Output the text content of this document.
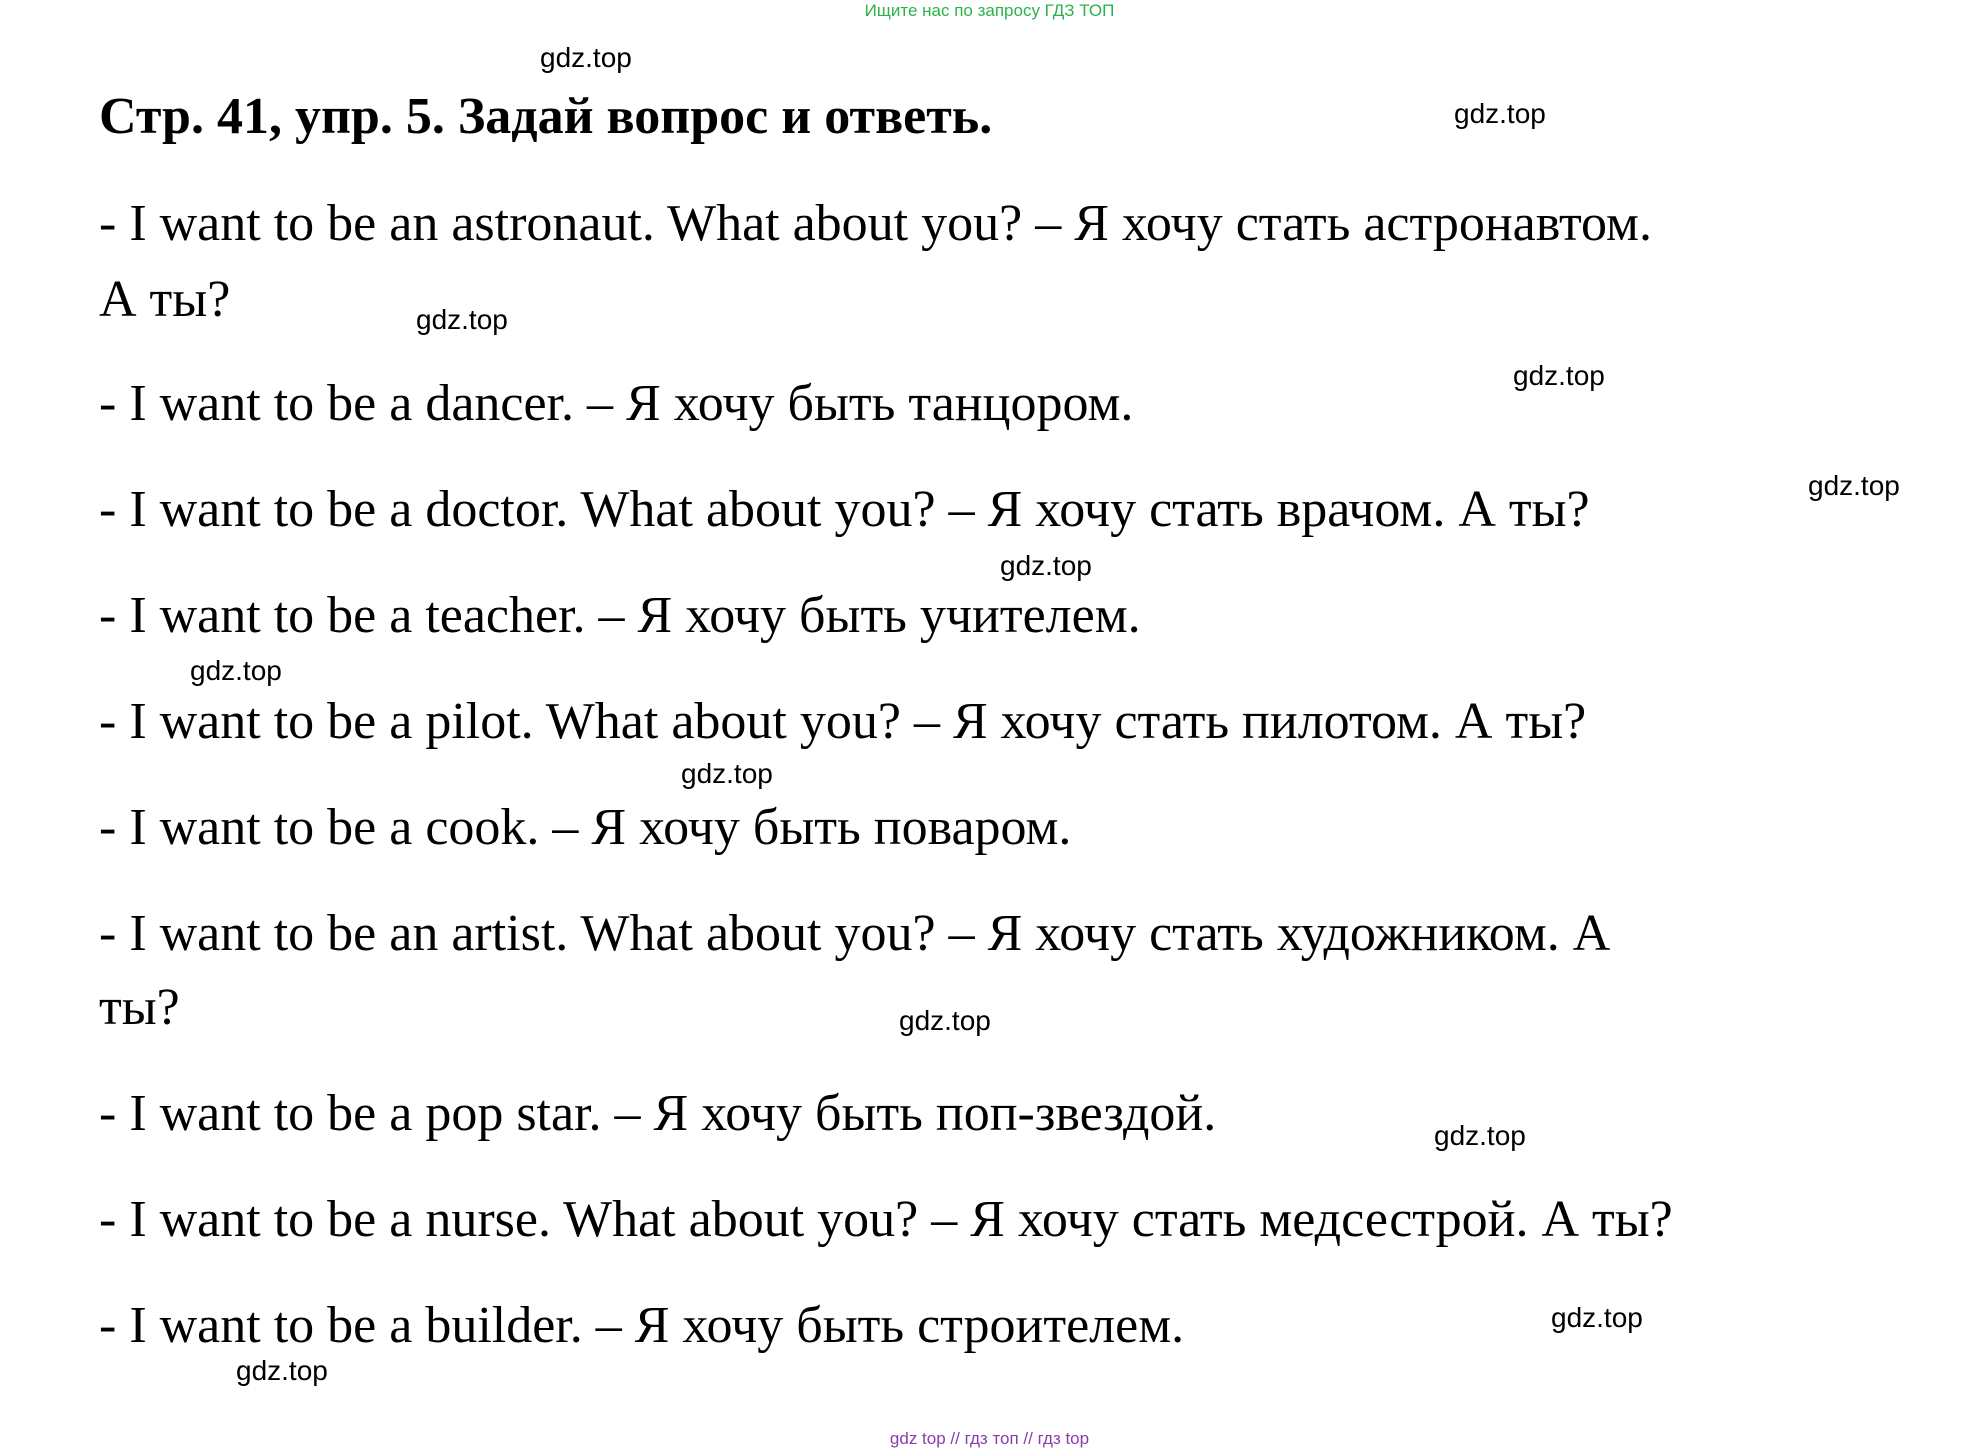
Ищите нас по запросу ГДЗ ТОП
Стр. 41, упр. 5. Задай вопрос и ответь.

- I want to be an astronaut. What about you? – Я хочу стать астронавтом.

А ты?

- I want to be a dancer. – Я хочу быть танцором.

- I want to be a doctor. What about you? – Я хочу стать врачом. А ты?

- I want to be a teacher. – Я хочу быть учителем.

- I want to be a pilot. What about you? – Я хочу стать пилотом. А ты?

- I want to be a cook. – Я хочу быть поваром.

- I want to be an artist. What about you? – Я хочу стать художником. А

ты?

- I want to be a pop star. – Я хочу быть поп-звездой.

- I want to be a nurse. What about you? – Я хочу стать медсестрой. А ты?

- I want to be a builder. – Я хочу быть строителем.

gdz.top
gdz.top
gdz.top
gdz.top
gdz.top
gdz.top
gdz.top
gdz.top
gdz.top
gdz.top
gdz.top
gdz.top
gdz top // гдз топ // гдз top
